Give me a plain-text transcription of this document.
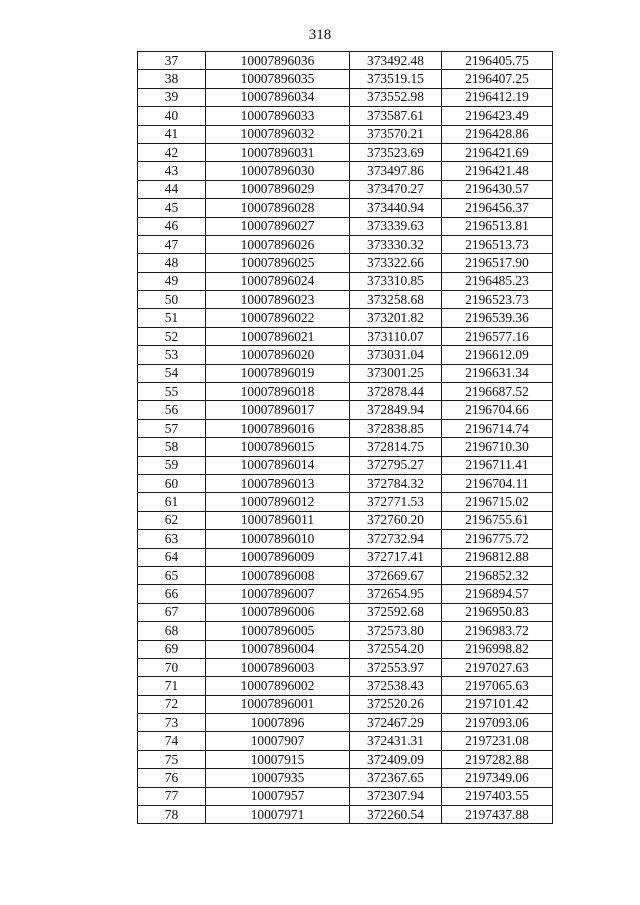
318
37	10007896036	373492.48	2196405.75
38	10007896035	373519.15	2196407.25
39	10007896034	373552.98	2196412.19
40	10007896033	373587.61	2196423.49
41	10007896032	373570.21	2196428.86
42	10007896031	373523.69	2196421.69
43	10007896030	373497.86	2196421.48
44	10007896029	373470.27	2196430.57
45	10007896028	373440.94	2196456.37
46	10007896027	373339.63	2196513.81
47	10007896026	373330.32	2196513.73
48	10007896025	373322.66	2196517.90
49	10007896024	373310.85	2196485.23
50	10007896023	373258.68	2196523.73
51	10007896022	373201.82	2196539.36
52	10007896021	373110.07	2196577.16
53	10007896020	373031.04	2196612.09
54	10007896019	373001.25	2196631.34
55	10007896018	372878.44	2196687.52
56	10007896017	372849.94	2196704.66
57	10007896016	372838.85	2196714.74
58	10007896015	372814.75	2196710.30
59	10007896014	372795.27	2196711.41
60	10007896013	372784.32	2196704.11
61	10007896012	372771.53	2196715.02
62	10007896011	372760.20	2196755.61
63	10007896010	372732.94	2196775.72
64	10007896009	372717.41	2196812.88
65	10007896008	372669.67	2196852.32
66	10007896007	372654.95	2196894.57
67	10007896006	372592.68	2196950.83
68	10007896005	372573.80	2196983.72
69	10007896004	372554.20	2196998.82
70	10007896003	372553.97	2197027.63
71	10007896002	372538.43	2197065.63
72	10007896001	372520.26	2197101.42
73	10007896	372467.29	2197093.06
74	10007907	372431.31	2197231.08
75	10007915	372409.09	2197282.88
76	10007935	372367.65	2197349.06
77	10007957	372307.94	2197403.55
78	10007971	372260.54	2197437.88
